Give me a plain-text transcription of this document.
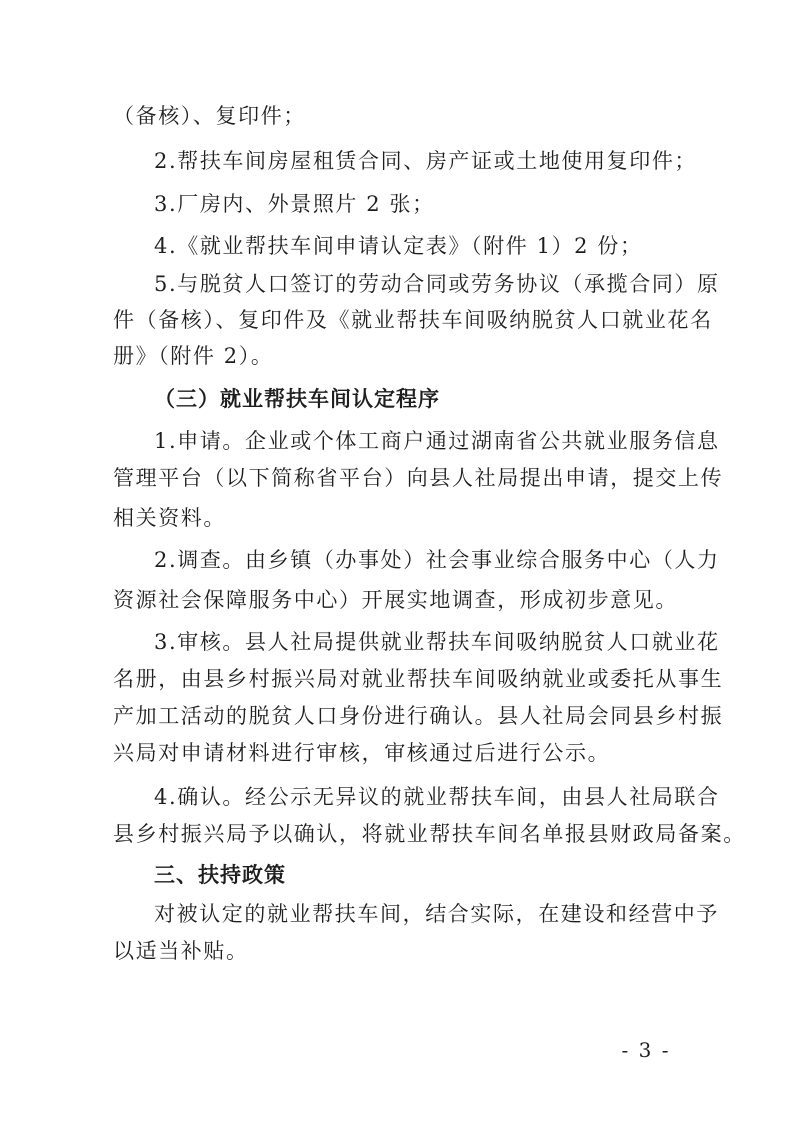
（备核）、复印件；
2.帮扶车间房屋租赁合同、房产证或土地使用复印件；
3.厂房内、外景照片 2 张；
4.《就业帮扶车间申请认定表》（附件 1）2 份；
5.与脱贫人口签订的劳动合同或劳务协议（承揽合同）原
件（备核）、复印件及《就业帮扶车间吸纳脱贫人口就业花名
册》（附件 2）。
（三）就业帮扶车间认定程序
1.申请。企业或个体工商户通过湖南省公共就业服务信息
管理平台（以下简称省平台）向县人社局提出申请，提交上传
相关资料。
2.调查。由乡镇（办事处）社会事业综合服务中心（人力
资源社会保障服务中心）开展实地调查，形成初步意见。
3.审核。县人社局提供就业帮扶车间吸纳脱贫人口就业花
名册，由县乡村振兴局对就业帮扶车间吸纳就业或委托从事生
产加工活动的脱贫人口身份进行确认。县人社局会同县乡村振
兴局对申请材料进行审核，审核通过后进行公示。
4.确认。经公示无异议的就业帮扶车间，由县人社局联合
县乡村振兴局予以确认，将就业帮扶车间名单报县财政局备案。
三、扶持政策
对被认定的就业帮扶车间，结合实际，在建设和经营中予
以适当补贴。
- 3 -
